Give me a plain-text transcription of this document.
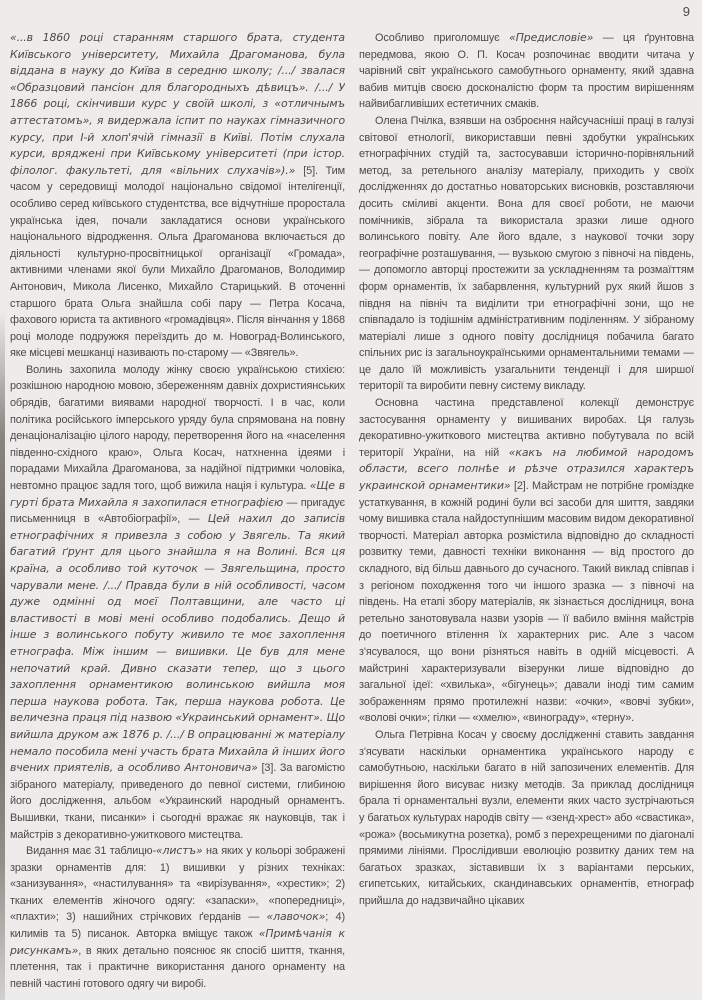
9

«...в 1860 році старанням старшого брата, студента Київського університету, Михайла Драгоманова, була віддана в науку до Київа в середню школу; /.../ звалася «Образцовий пансіон для благородныхъ дѣвицъ». /.../ У 1866 році, скінчивши курс у своїй школі, з «отличнымъ аттестатомъ», я видержала іспит по науках гімназичного курсу, при І-й хлоп'ячій гімназії в Київі. Потім слухала курси, вряджені при Київському університеті (при істор. філолог. факультеті, для «вільних слухачів»).» [5]. Тим часом у середовищі молодої національно свідомої інтелігенції, особливо серед київського студентства, все відчутніше проростала українська ідея, почали закладатися основи українського національного відродження. Ольга Драгоманова включається до діяльності культурно-просвітницької організації «Громада», активними членами якої були Михайло Драгоманов, Володимир Антонович, Микола Лисенко, Михайло Старицький. В оточенні старшого брата Ольга знайшла собі пару — Петра Косача, фахового юриста та активного «громадівця». Після вінчання у 1868 році молоде подружжя переїздить до м. Новоград-Волинського, яке місцеві мешканці називають по-старому — «Звягель».

Волинь захопила молоду жінку своєю українською стихією: розкішною народною мовою, збереженням давніх дохристиянських обрядів, багатими виявами народної творчості. І в час, коли політика російського імперського уряду була спрямована на повну денаціоналізацію цілого народу, перетворення його на «населення південно-східного краю», Ольга Косач, натхненна ідеями і порадами Михайла Драгоманова, за надійної підтримки чоловіка, невтомно працює задля того, щоб вижила нація і культура. «Ще в гурті брата Михайла я захопилася етнографією — пригадує письменниця в «Автобіографії», — Цей нахил до записів етнографічних я привезла з собою у Звягель. Та який багатий ґрунт для цього знайшла я на Волині. Вся ця країна, а особливо той куточок — Звягельщина, просто чарували мене. /.../ Правда були в ній особливості, часом дуже одмінні од моєї Полтавщини, але часто ці властивості в мові мені особливо подобались. Дещо й інше з волинського побуту живило те моє захоплення етнографа. Між іншим — вишивки. Це був для мене непочатий край. Дивно сказати тепер, що з цього захоплення орнаментикою волинською вийшла моя перша наукова робота. Так, перша наукова робота. Це величезна праця під назвою «Украинський орнамент». Що вийшла друком аж 1876 р. /.../ В опрацюванні ж матеріалу немало пособила мені участь брата Михайла й інших його вчених приятелів, а особливо Антоновича» [3]. За вагомістю зібраного матеріалу, приведеного до певної системи, глибиною його дослідження, альбом «Украинский народный орнаментъ. Вышивки, ткани, писанки» і сьогодні вражає як науковців, так і майстрів з декоративно-ужиткового мистецтва.

Видання має 31 таблицю-«листъ» на яких у кольорі зображені зразки орнаментів для: 1) вишивки у різних техніках: «занизування», «настилування» та «вирізування», «хрестик»; 2) тканих елементів жіночого одягу: «запаски», «попередниці», «плахти»; 3) нашийних стрічкових ґерданів — «лавочок»; 4) килимів та 5) писанок. Авторка вміщує також «Примѣчанія к рисункамъ», в яких детально пояснює як спосіб шиття, ткання, плетення, так і практичне використання даного орнаменту на певній частині готового одягу чи виробі.

Особливо приголомшує «Предисловіе» — ця ґрунтовна передмова, якою О. П. Косач розпочинає вводити читача у чарівний світ українського самобутнього орнаменту, який здавна вабив митців своєю досконалістю форм та простим вирішенням найвибагливіших естетичних смаків.

Олена Пчілка, взявши на озброєння найсучасніші праці в галузі світової етнології, використавши певні здобутки українських етнографічних студій та, застосувавши історично-порівняльний метод, за ретельного аналізу матеріалу, приходить у своїх дослідженнях до достатньо новаторських висновків, розставляючи досить сміливі акценти. Вона для своєї роботи, не маючи помічників, зібрала та використала зразки лише одного волинського повіту. Але його вдале, з наукової точки зору географічне розташування, — вузькою смугою з півночі на південь, — допомогло авторці простежити за ускладненням та розмаїттям форм орнаментів, їх забарвлення, культурний рух який йшов з півдня на північ та виділити три етнографічні зони, що не співпадало із тодішнім адміністративним поділенням. У зібраному матеріалі лише з одного повіту дослідниця побачила багато спільних рис із загальноукраїнськими орнаментальними темами — це дало їй можливість узагальнити тенденції і для ширшої території та виробити певну систему викладу.

Основна частина представленої колекції демонструє застосування орнаменту у вишиваних виробах. Ця галузь декоративно-ужиткового мистецтва активно побутувала по всій території України, на ній «какъ на любимой народомъ области, всего полнѣе и рѣзче отразился характеръ украинской орнаментики» [2]. Майстрам не потрібне громіздке устаткування, в кожній родині були всі засоби для шиття, завдяки чому вишивка стала найдоступнішим масовим видом декоративної творчості. Матеріал авторка розмістила відповідно до складності розвитку теми, давності техніки виконання — від простого до складного, від більш давнього до сучасного. Такий виклад співпав і з регіоном походження того чи іншого зразка — з півночі на південь. На етапі збору матеріалів, як зізнається дослідниця, вона ретельно занотовувала назви узорів — її вабило вміння майстрів до поетичного втілення їх характерних рис. Але з часом з'ясувалося, що вони різняться навіть в одній місцевості. А майстрині характеризували візерунки лише відповідно до загальної ідеї: «хвилька», «бігунець»; давали іноді тим самим зображенням прямо протилежні назви: «очки», «вовчі зубки», «волові очки»; гілки — «хмелю», «винограду», «терну».

Ольга Петрівна Косач у своєму дослідженні ставить завдання з'ясувати наскільки орнаментика українського народу є самобутньою, наскільки багато в ній запозичених елементів. Для вирішення його висуває низку методів. За приклад дослідниця брала ті орнаментальні вузли, елементи яких часто зустрічаються у багатьох культурах народів світу — «зенд-хрест» або «свастика», «рожа» (восьмикутна розетка), ромб з перехрещеними по діагоналі прямими лініями. Прослідивши еволюцію розвитку даних тем на багатьох зразках, зіставивши їх з варіантами перських, єгипетських, китайських, скандинавських орнаментів, етнограф прийшла до надзвичайно цікавих
